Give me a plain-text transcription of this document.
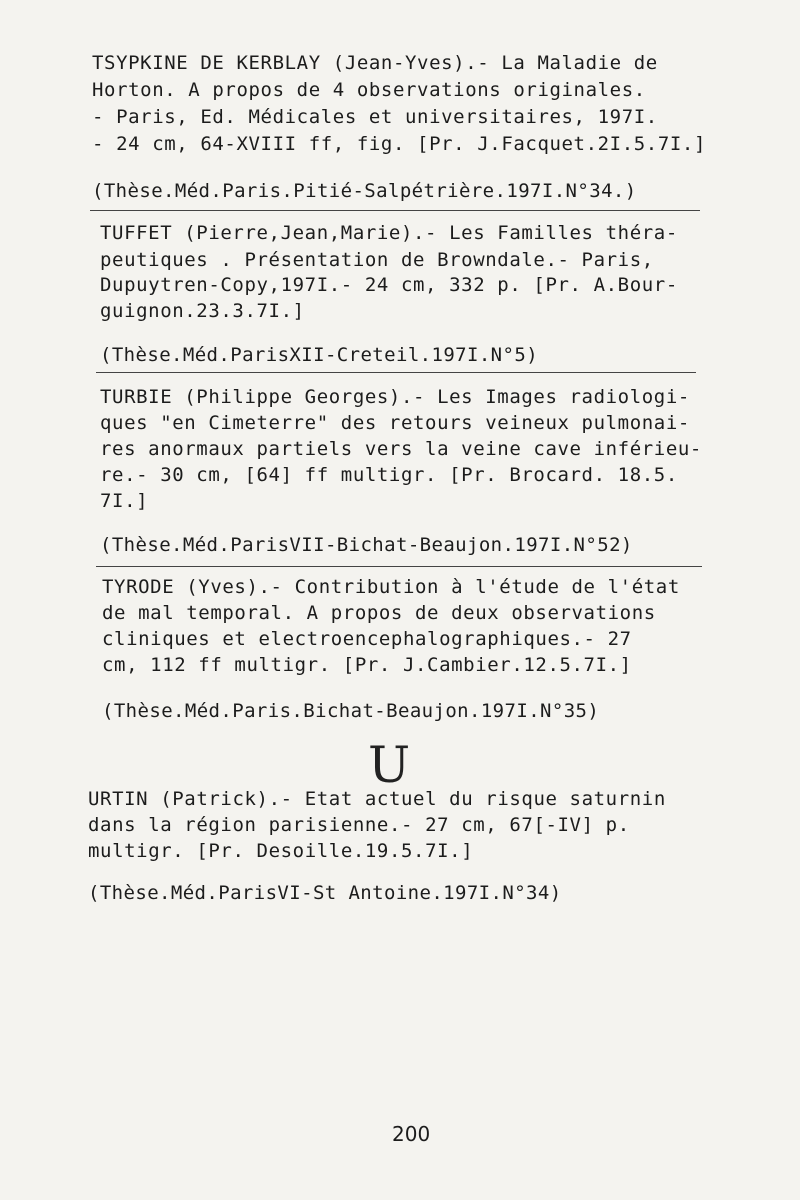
TSYPKINE DE KERBLAY (Jean-Yves).- La Maladie de
Horton. A propos de 4 observations originales.
- Paris, Ed. Médicales et universitaires, 197I.
- 24 cm, 64-XVIII ff, fig. [Pr. J.Facquet.2I.5.7I.]
(Thèse.Méd.Paris.Pitié-Salpétrière.197I.N°34.)
TUFFET (Pierre,Jean,Marie).- Les Familles théra-
peutiques . Présentation de Browndale.- Paris,
Dupuytren-Copy,197I.- 24 cm, 332 p. [Pr. A.Bour-
guignon.23.3.7I.]
(Thèse.Méd.ParisXII-Creteil.197I.N°5)
TURBIE (Philippe Georges).- Les Images radiologi-
ques "en Cimeterre" des retours veineux pulmonai-
res anormaux partiels vers la veine cave inférieu-
re.- 30 cm, [64] ff multigr. [Pr. Brocard. 18.5.
7I.]
(Thèse.Méd.ParisVII-Bichat-Beaujon.197I.N°52)
TYRODE (Yves).- Contribution à l'étude de l'état
de mal temporal. A propos de deux observations
cliniques et electroencephalographiques.- 27
cm, 112 ff multigr. [Pr. J.Cambier.12.5.7I.]
(Thèse.Méd.Paris.Bichat-Beaujon.197I.N°35)
U
URTIN (Patrick).- Etat actuel du risque saturnin
dans la région parisienne.- 27 cm, 67[-IV] p.
multigr. [Pr. Desoille.19.5.7I.]
(Thèse.Méd.ParisVI-St Antoine.197I.N°34)
200
